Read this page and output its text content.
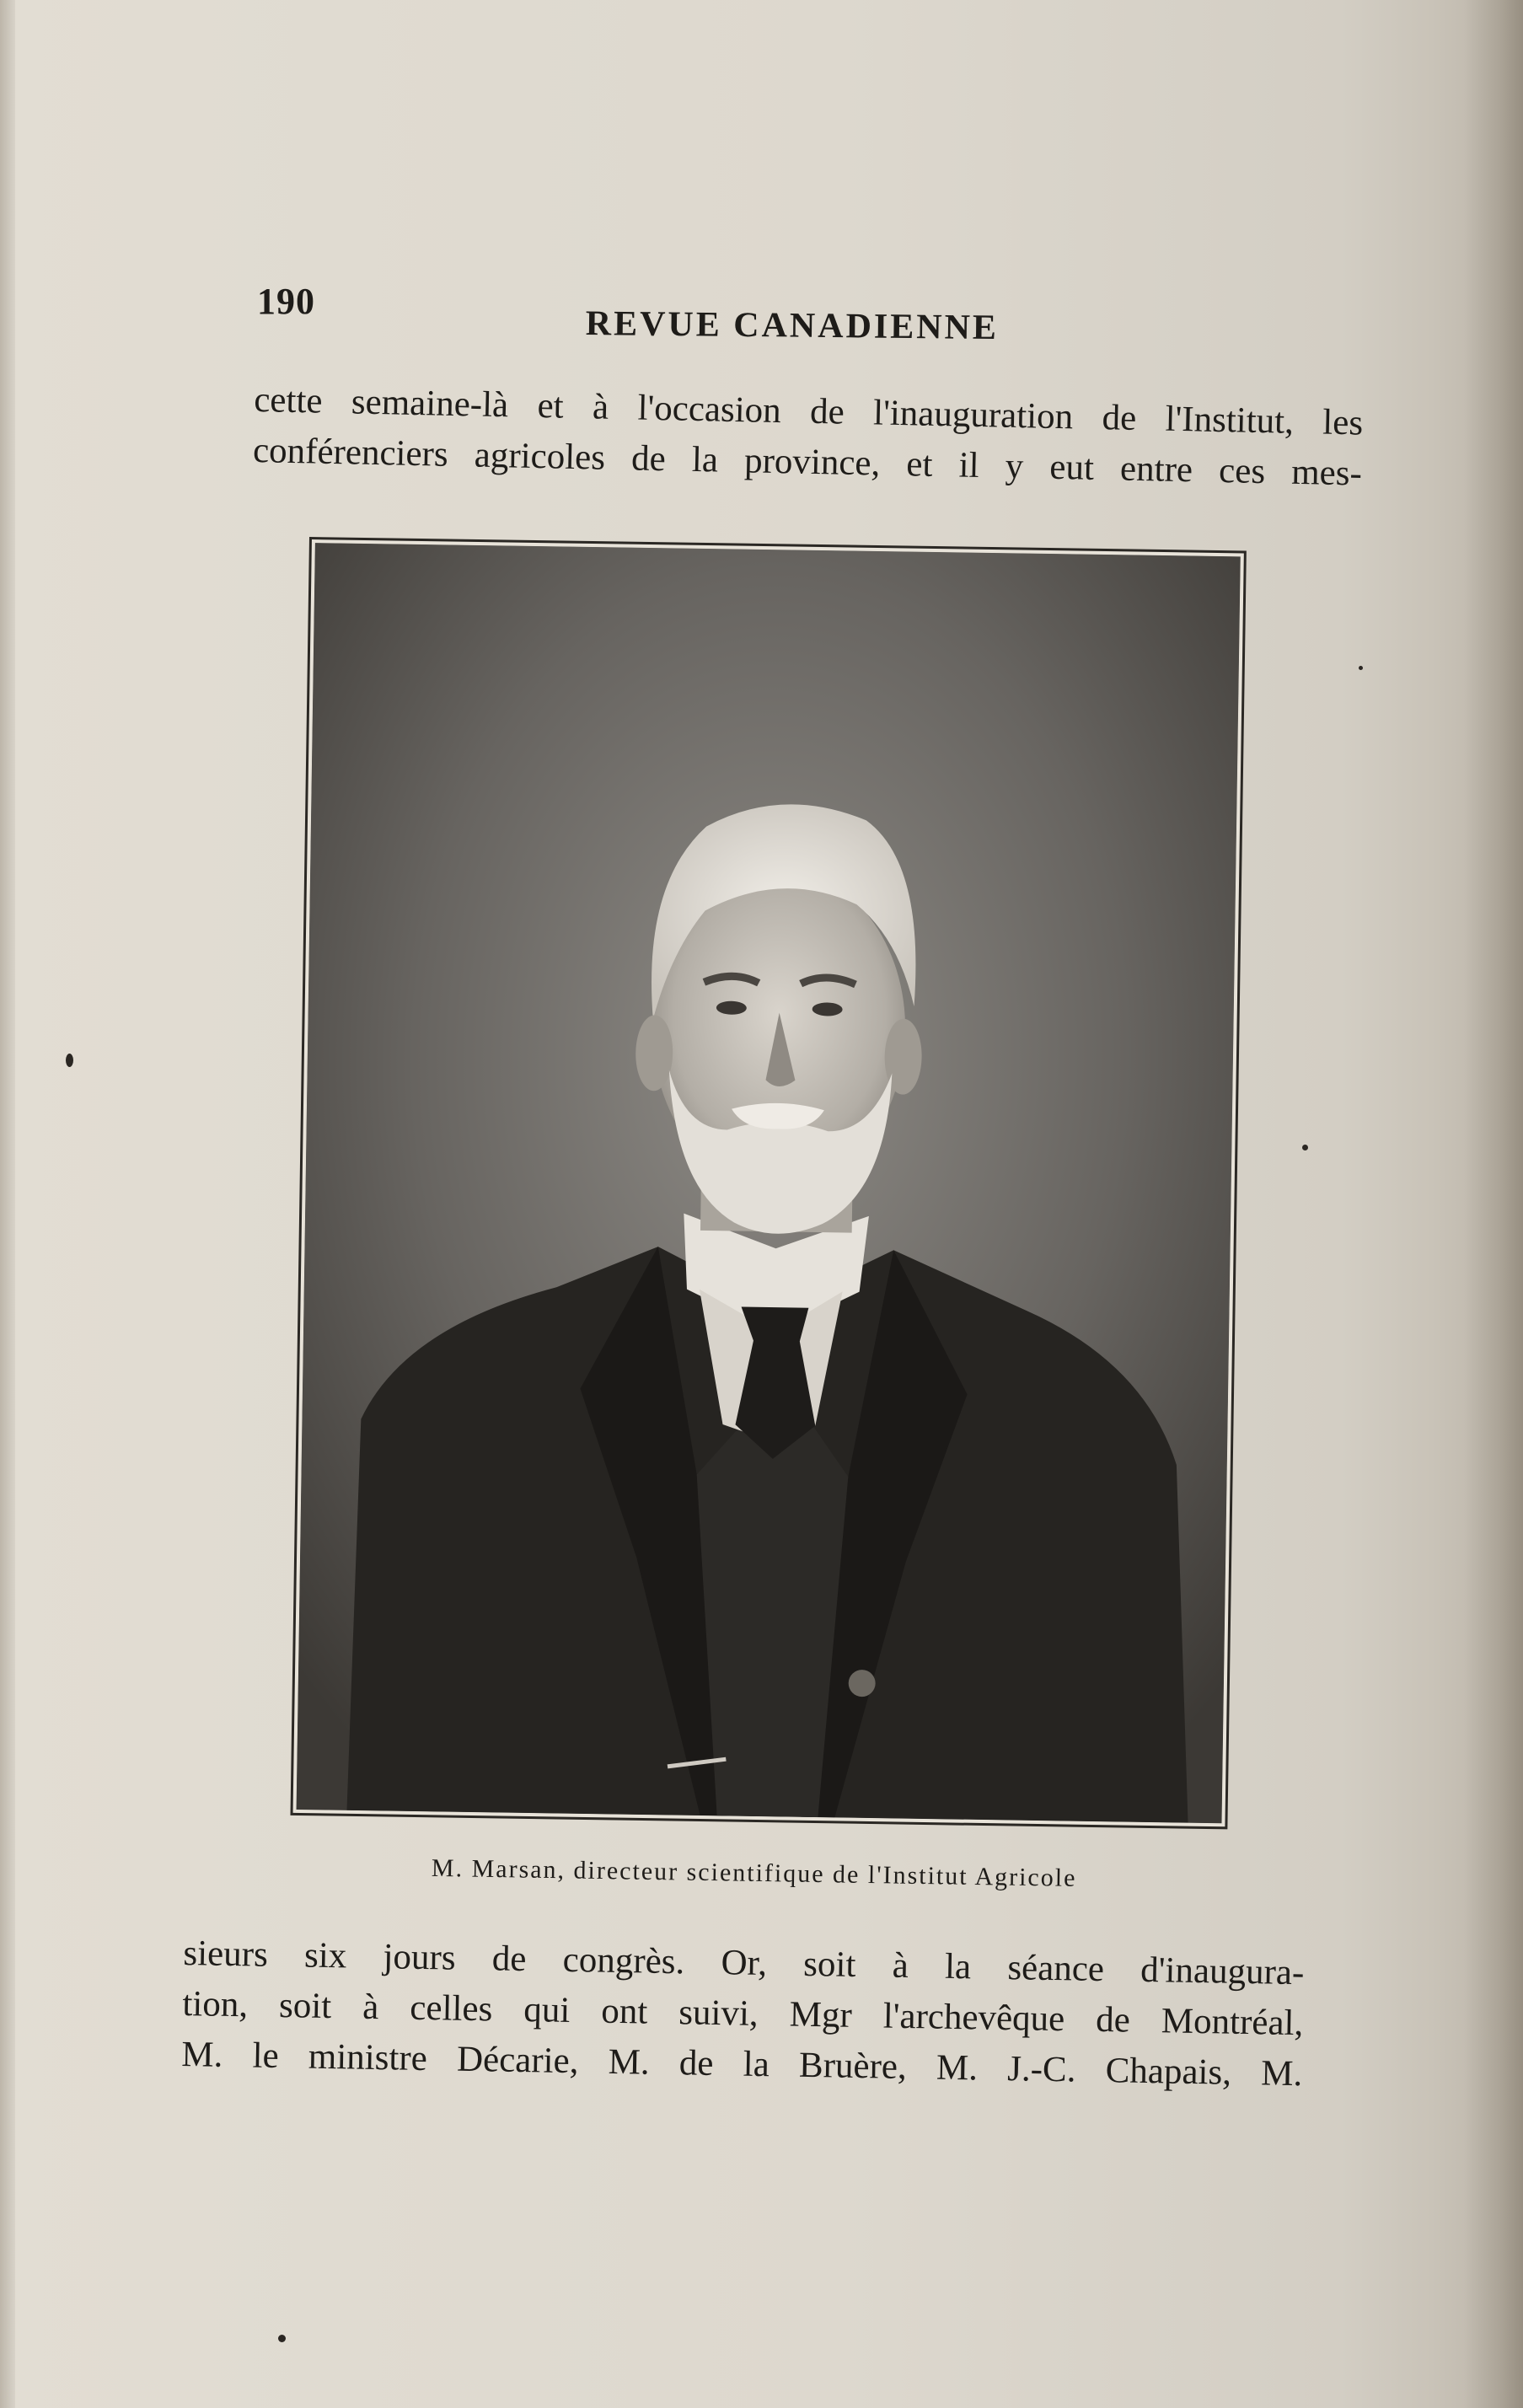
190
REVUE CANADIENNE
cette semaine-là et à l'occasion de l'inauguration de l'Institut, les
conférenciers agricoles de la province, et il y eut entre ces mes-
M. Marsan, directeur scientifique de l'Institut Agricole
sieurs six jours de congrès. Or, soit à la séance d'inaugura-
tion, soit à celles qui ont suivi, Mgr l'archevêque de Montréal,
M. le ministre Décarie, M. de la Bruère, M. J.-C. Chapais, M.
